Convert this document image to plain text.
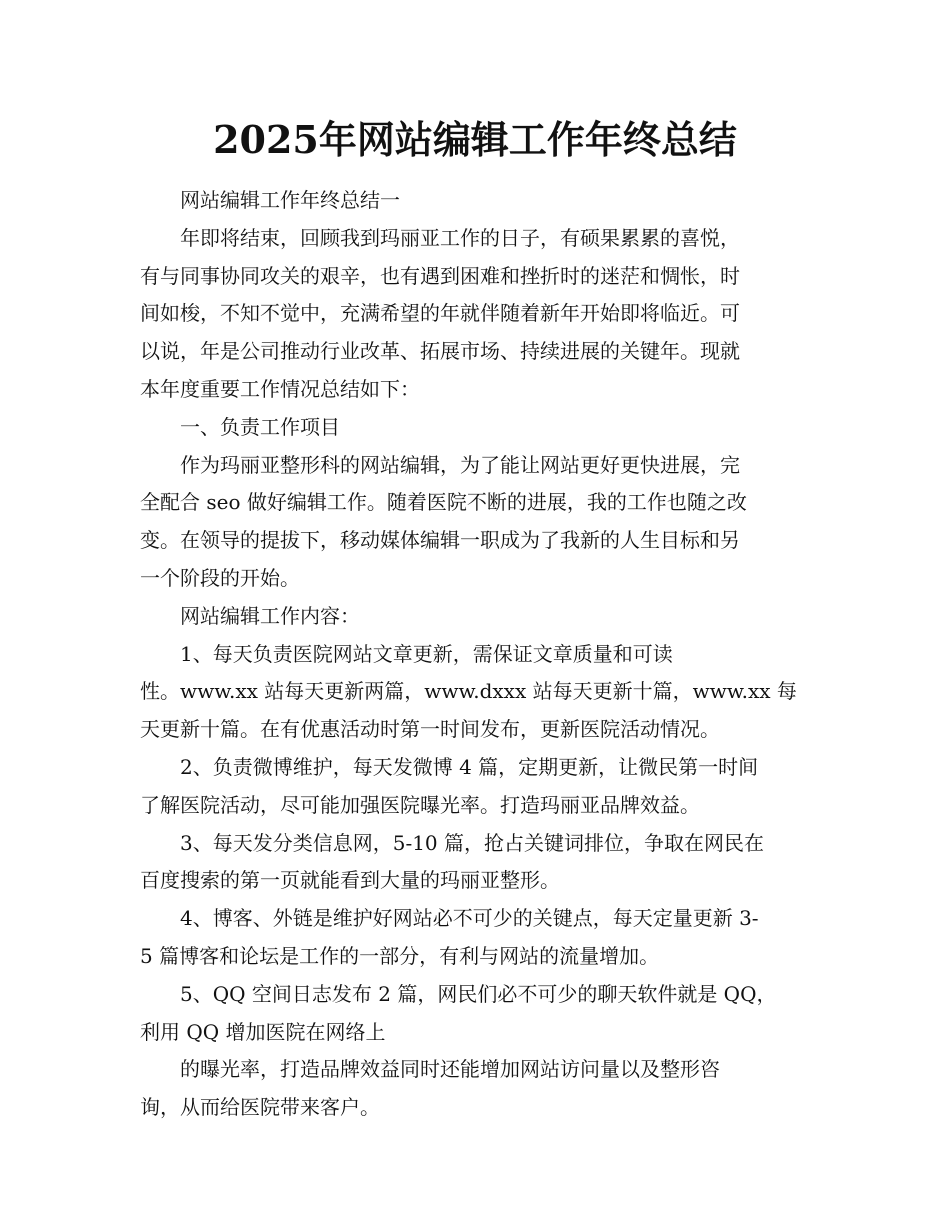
2025年网站编辑工作年终总结

网站编辑工作年终总结一

年即将结束，回顾我到玛丽亚工作的日子，有硕果累累的喜悦，
有与同事协同攻关的艰辛，也有遇到困难和挫折时的迷茫和惆怅，时
间如梭，不知不觉中，充满希望的年就伴随着新年开始即将临近。可
以说，年是公司推动行业改革、拓展市场、持续进展的关键年。现就
本年度重要工作情况总结如下：

一、负责工作项目

作为玛丽亚整形科的网站编辑，为了能让网站更好更快进展，完
全配合 seo 做好编辑工作。随着医院不断的进展，我的工作也随之改
变。在领导的提拔下，移动媒体编辑一职成为了我新的人生目标和另
一个阶段的开始。

网站编辑工作内容：

1、每天负责医院网站文章更新，需保证文章质量和可读
性。www.xx 站每天更新两篇，www.dxxx 站每天更新十篇，www.xx 每
天更新十篇。在有优惠活动时第一时间发布，更新医院活动情况。

2、负责微博维护，每天发微博 4 篇，定期更新，让微民第一时间
了解医院活动，尽可能加强医院曝光率。打造玛丽亚品牌效益。

3、每天发分类信息网，5-10 篇，抢占关键词排位，争取在网民在
百度搜索的第一页就能看到大量的玛丽亚整形。

4、博客、外链是维护好网站必不可少的关键点，每天定量更新 3-
5 篇博客和论坛是工作的一部分，有利与网站的流量增加。

5、QQ 空间日志发布 2 篇，网民们必不可少的聊天软件就是 QQ，
利用 QQ 增加医院在网络上

的曝光率，打造品牌效益同时还能增加网站访问量以及整形咨
询，从而给医院带来客户。
